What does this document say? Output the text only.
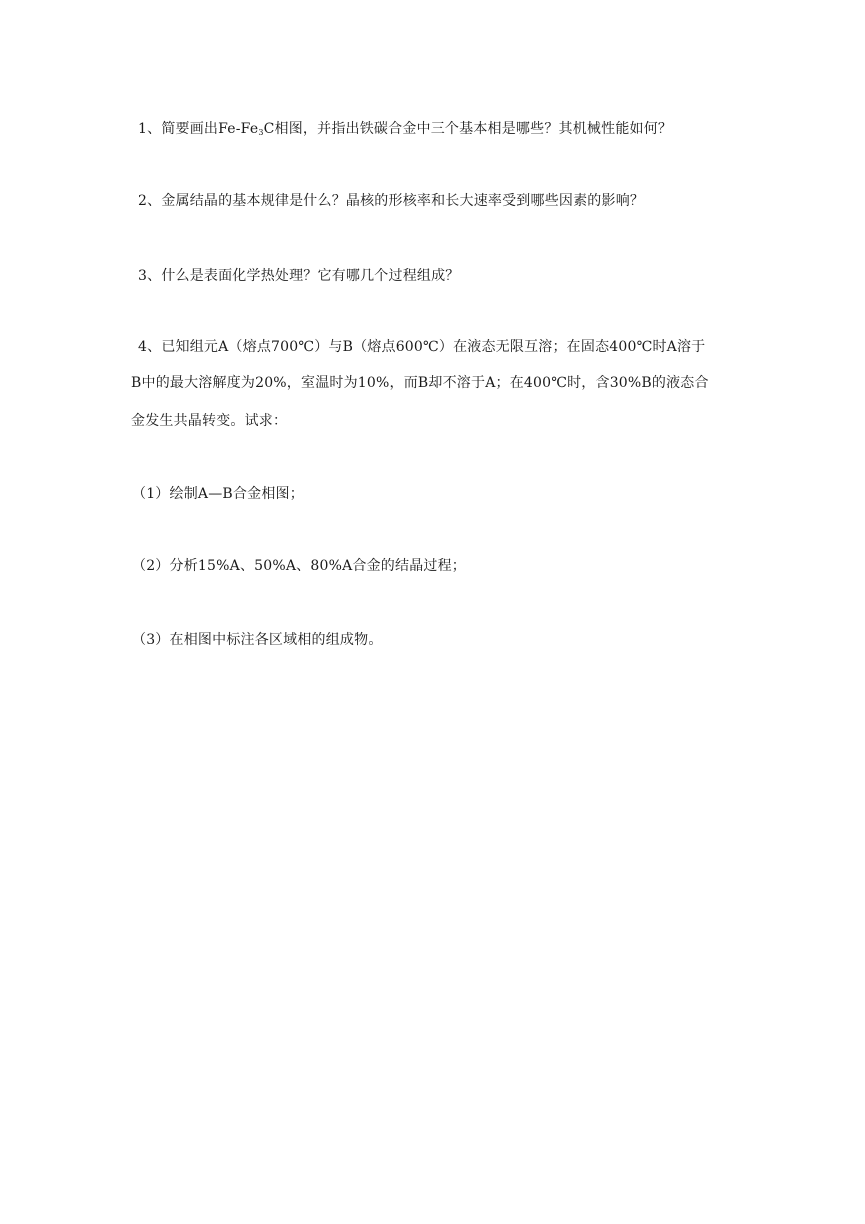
1、简要画出$Fe-Fe_3C$相图，并指出铁碳合金中三个基本相是哪些？其机械性能如何？
2、金属结晶的基本规律是什么？晶核的形核率和长大速率受到哪些因素的影响？
3、什么是表面化学热处理？它有哪几个过程组成？
4、已知组元A（熔点700℃）与B（熔点600℃）在液态无限互溶；在固态400℃时A溶于
B中的最大溶解度为20%，室温时为10%，而B却不溶于A；在400℃时，含30%B的液态合
金发生共晶转变。试求：
（1）绘制A—B合金相图；
（2）分析15%A、50%A、80%A合金的结晶过程；
（3）在相图中标注各区域相的组成物。
